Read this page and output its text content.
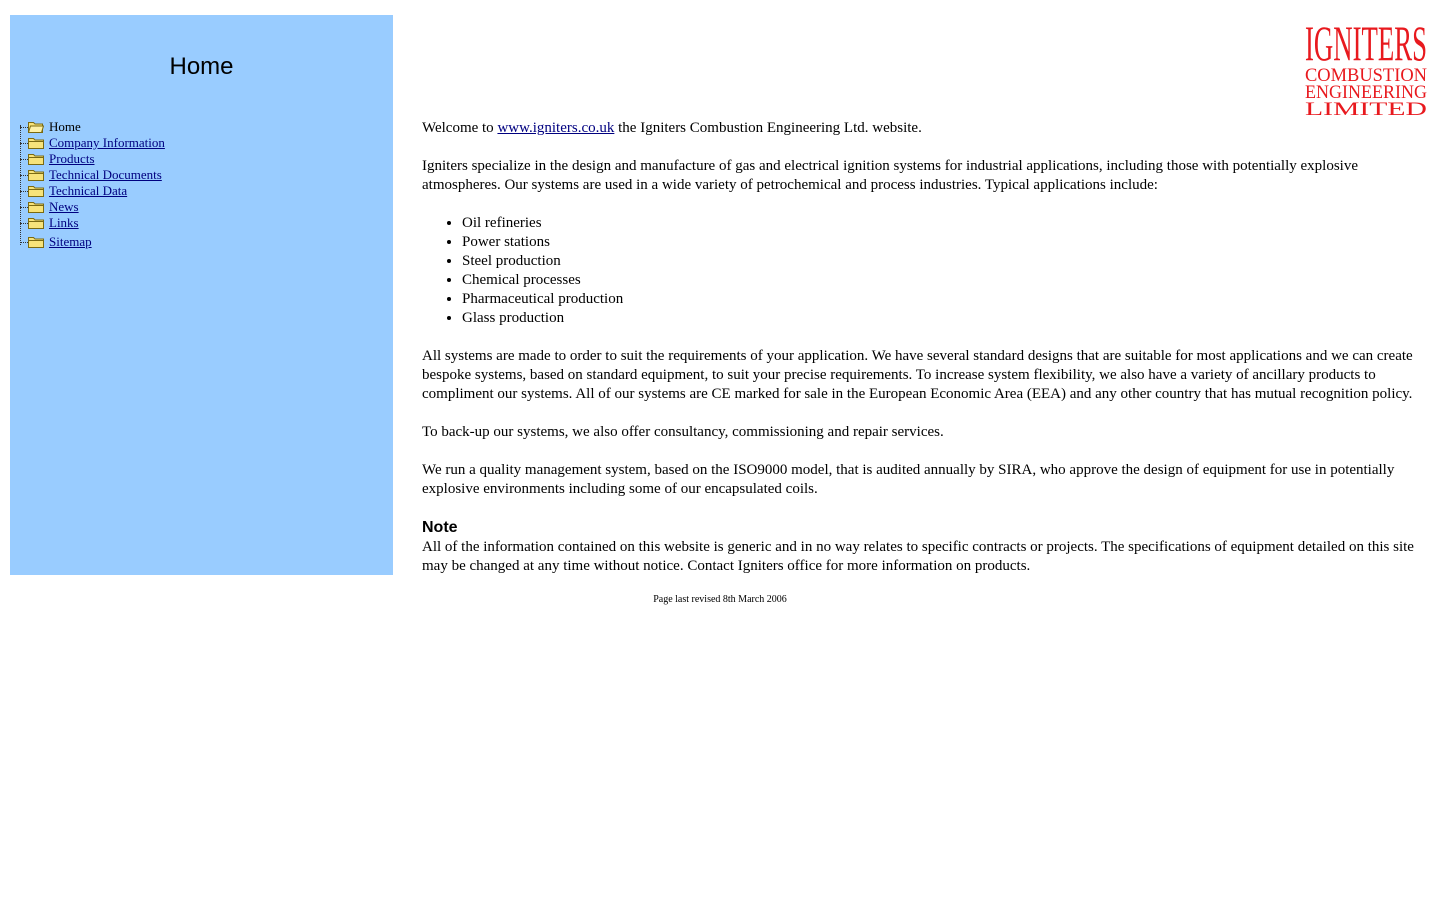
Home
Home
Company Information
Products
Technical Documents
Technical Data
News
Links
Sitemap
IGNITERS
COMBUSTION
ENGINEERING
LIMITED

Welcome to www.igniters.co.uk the Igniters Combustion Engineering Ltd. website.

Igniters specialize in the design and manufacture of gas and electrical ignition systems for industrial applications, including those with potentially explosive atmospheres. Our systems are used in a wide variety of petrochemical and process industries. Typical applications include:

• Oil refineries
• Power stations
• Steel production
• Chemical processes
• Pharmaceutical production
• Glass production

All systems are made to order to suit the requirements of your application. We have several standard designs that are suitable for most applications and we can create bespoke systems, based on standard equipment, to suit your precise requirements. To increase system flexibility, we also have a variety of ancillary products to compliment our systems. All of our systems are CE marked for sale in the European Economic Area (EEA) and any other country that has mutual recognition policy.

To back-up our systems, we also offer consultancy, commissioning and repair services.

We run a quality management system, based on the ISO9000 model, that is audited annually by SIRA, who approve the design of equipment for use in potentially explosive environments including some of our encapsulated coils.

Note

All of the information contained on this website is generic and in no way relates to specific contracts or projects. The specifications of equipment detailed on this site may be changed at any time without notice. Contact Igniters office for more information on products.

Page last revised 8th March 2006
